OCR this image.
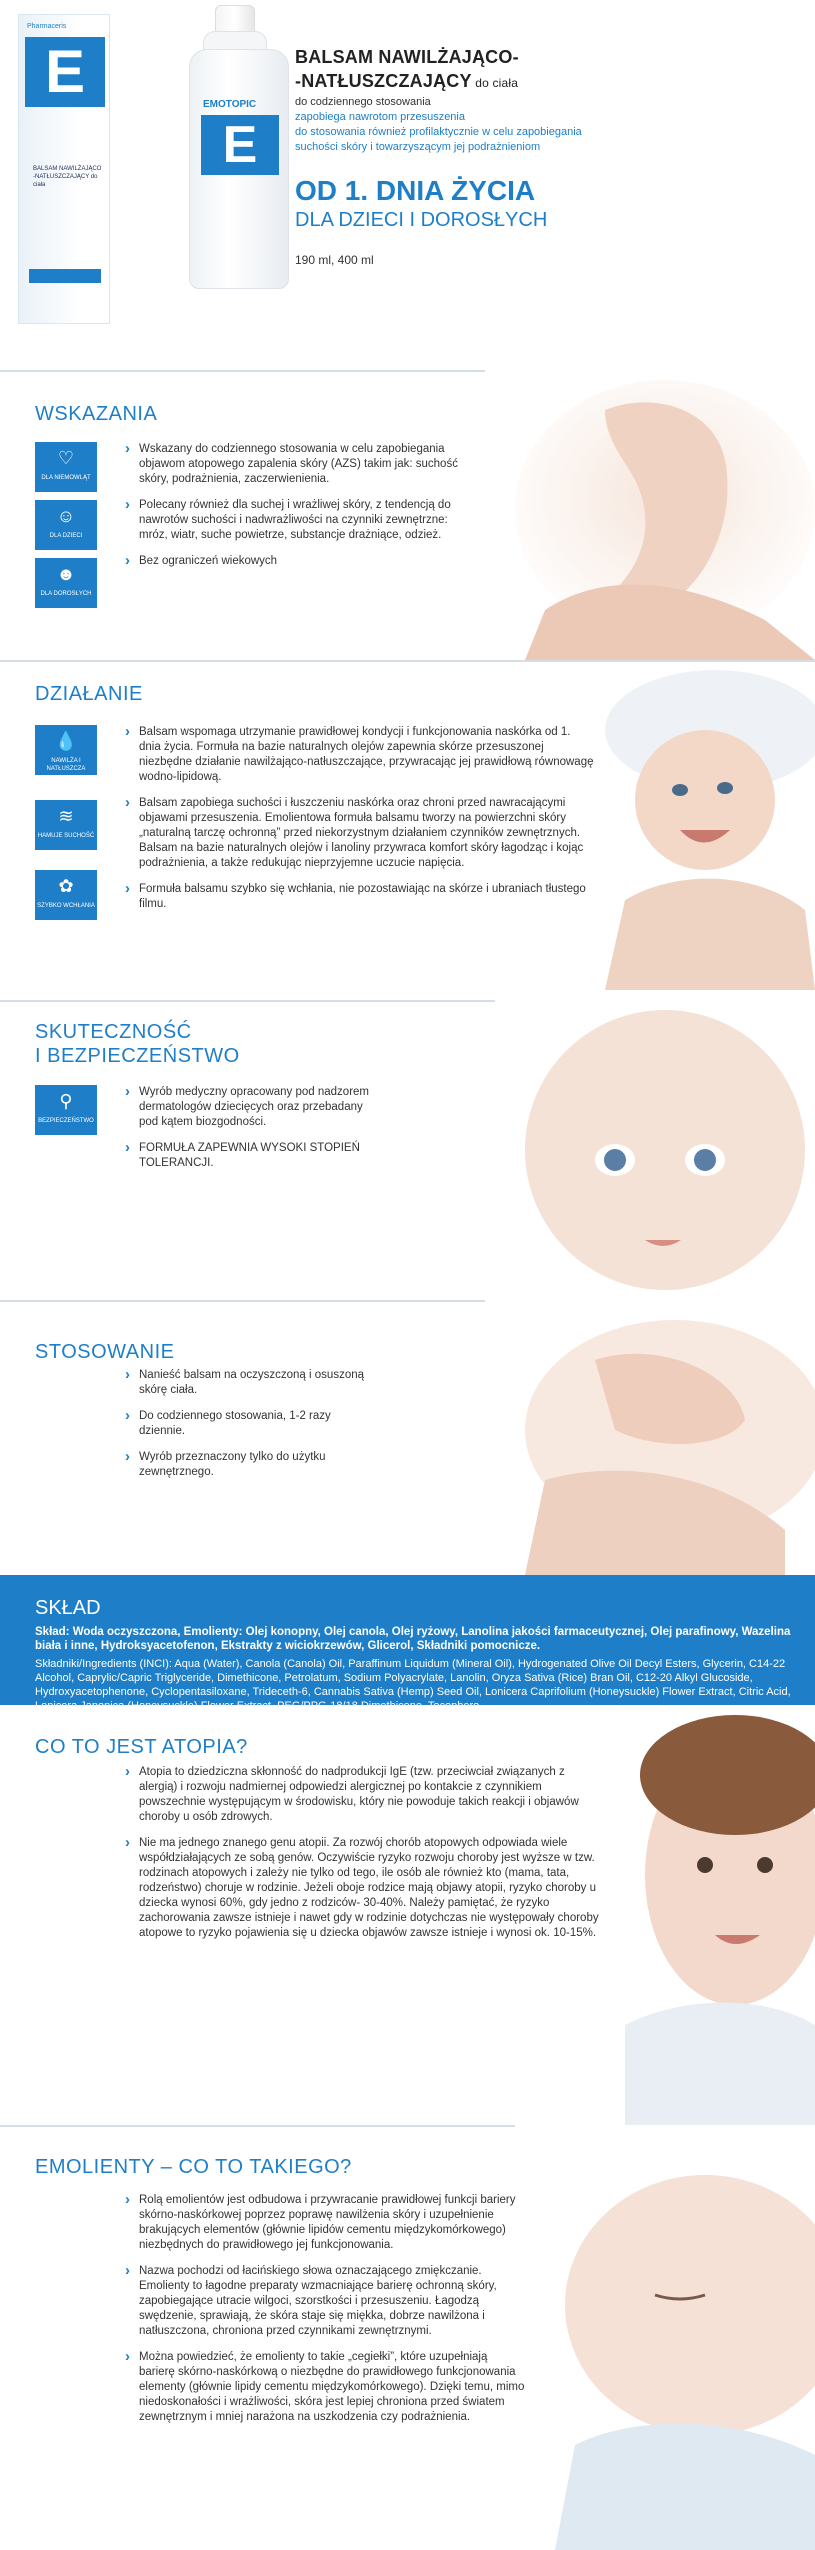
Pharmaceris
E
BALSAM NAWILŻAJĄCO -NATŁUSZCZAJĄCY do ciała
EMOTOPIC
E
BALSAM NAWILŻAJĄCO-
-NATŁUSZCZAJĄCY do ciała
do codziennego stosowania
zapobiega nawrotom przesuszenia
do stosowania również profilaktycznie w celu zapobiegania
suchości skóry i towarzyszącym jej podrażnieniom
OD 1. DNIA ŻYCIA
DLA DZIECI I DOROSŁYCH
190 ml, 400 ml
WSKAZANIA
♡
DLA NIEMOWLĄT
☺
DLA DZIECI
☻
DLA DOROSŁYCH
› Wskazany do codziennego stosowania w celu zapobiegania objawom atopowego zapalenia skóry (AZS) takim jak: suchość skóry, podrażnienia, zaczerwienienia.
› Polecany również dla suchej i wrażliwej skóry, z tendencją do nawrotów suchości i nadwrażliwości na czynniki zewnętrzne: mróz, wiatr, suche powietrze, substancje drażniące, odzież.
› Bez ograniczeń wiekowych
DZIAŁANIE
💧
NAWILŻA I NATŁUSZCZA
≋
HAMUJE SUCHOŚĆ
✿
SZYBKO WCHŁANIA
› Balsam wspomaga utrzymanie prawidłowej kondycji i funkcjonowania naskórka od 1. dnia życia. Formuła na bazie naturalnych olejów zapewnia skórze przesuszonej niezbędne działanie nawilżająco-natłuszczające, przywracając jej prawidłową równowagę wodno-lipidową.
› Balsam zapobiega suchości i łuszczeniu naskórka oraz chroni przed nawracającymi objawami przesuszenia. Emolientowa formuła balsamu tworzy na powierzchni skóry „naturalną tarczę ochronną” przed niekorzystnym działaniem czynników zewnętrznych. Balsam na bazie naturalnych olejów i lanoliny przywraca komfort skóry łagodząc i kojąc podrażnienia, a także redukując nieprzyjemne uczucie napięcia.
› Formuła balsamu szybko się wchłania, nie pozostawiając na skórze i ubraniach tłustego filmu.
SKUTECZNOŚĆ
I BEZPIECZEŃSTWO
⚲
BEZPIECZEŃSTWO
› Wyrób medyczny opracowany pod nadzorem dermatologów dziecięcych oraz przebadany pod kątem biozgodności.
› FORMUŁA ZAPEWNIA WYSOKI STOPIEŃ TOLERANCJI.
STOSOWANIE
› Nanieść balsam na oczyszczoną i osuszoną skórę ciała.
› Do codziennego stosowania, 1-2 razy dziennie.
› Wyrób przeznaczony tylko do użytku zewnętrznego.
SKŁAD
Skład: Woda oczyszczona, Emolienty: Olej konopny, Olej canola, Olej ryżowy, Lanolina jakości farmaceutycznej, Olej parafinowy, Wazelina biała i inne, Hydroksyacetofenon, Ekstrakty z wiciokrzewów, Glicerol, Składniki pomocnicze.
Składniki/Ingredients (INCI): Aqua (Water), Canola (Canola) Oil, Paraffinum Liquidum (Mineral Oil), Hydrogenated Olive Oil Decyl Esters, Glycerin, C14-22 Alcohol, Caprylic/Capric Triglyceride, Dimethicone, Petrolatum, Sodium Polyacrylate, Lanolin, Oryza Sativa (Rice) Bran Oil, C12-20 Alkyl Glucoside, Hydroxyacetophenone, Cyclopentasiloxane, Trideceth-6, Cannabis Sativa (Hemp) Seed Oil, Lonicera Caprifolium (Honeysuckle) Flower Extract, Citric Acid, Lonicera Japonica (Honeysuckle) Flower Extract, PEG/PPG-18/18 Dimethicone, Tocophero
CO TO JEST ATOPIA?
› Atopia to dziedziczna skłonność do nadprodukcji IgE (tzw. przeciwciał związanych z alergią) i rozwoju nadmiernej odpowiedzi alergicznej po kontakcie z czynnikiem powszechnie występującym w środowisku, który nie powoduje takich reakcji i objawów choroby u osób zdrowych.
› Nie ma jednego znanego genu atopii. Za rozwój chorób atopowych odpowiada wiele współdziałających ze sobą genów. Oczywiście ryzyko rozwoju choroby jest wyższe w tzw. rodzinach atopowych i zależy nie tylko od tego, ile osób ale również kto (mama, tata, rodzeństwo) choruje w rodzinie. Jeżeli oboje rodzice mają objawy atopii, ryzyko choroby u dziecka wynosi 60%, gdy jedno z rodziców- 30-40%. Należy pamiętać, że ryzyko zachorowania zawsze istnieje i nawet gdy w rodzinie dotychczas nie występowały choroby atopowe to ryzyko pojawienia się u dziecka objawów zawsze istnieje i wynosi ok. 10-15%.
EMOLIENTY – CO TO TAKIEGO?
› Rolą emolientów jest odbudowa i przywracanie prawidłowej funkcji bariery skórno-naskórkowej poprzez poprawę nawilżenia skóry i uzupełnienie brakujących elementów (głównie lipidów cementu międzykomórkowego) niezbędnych do prawidłowego jej funkcjonowania.
› Nazwa pochodzi od łacińskiego słowa oznaczającego zmiękczanie. Emolienty to łagodne preparaty wzmacniające barierę ochronną skóry, zapobiegające utracie wilgoci, szorstkości i przesuszeniu. Łagodzą swędzenie, sprawiają, że skóra staje się miękka, dobrze nawilżona i natłuszczona, chroniona przed czynnikami zewnętrznymi.
› Można powiedzieć, że emolienty to takie „cegiełki”, które uzupełniają barierę skórno-naskórkową o niezbędne do prawidłowego funkcjonowania elementy (głównie lipidy cementu międzykomórkowego). Dzięki temu, mimo niedoskonałości i wrażliwości, skóra jest lepiej chroniona przed światem zewnętrznym i mniej narażona na uszkodzenia czy podrażnienia.
